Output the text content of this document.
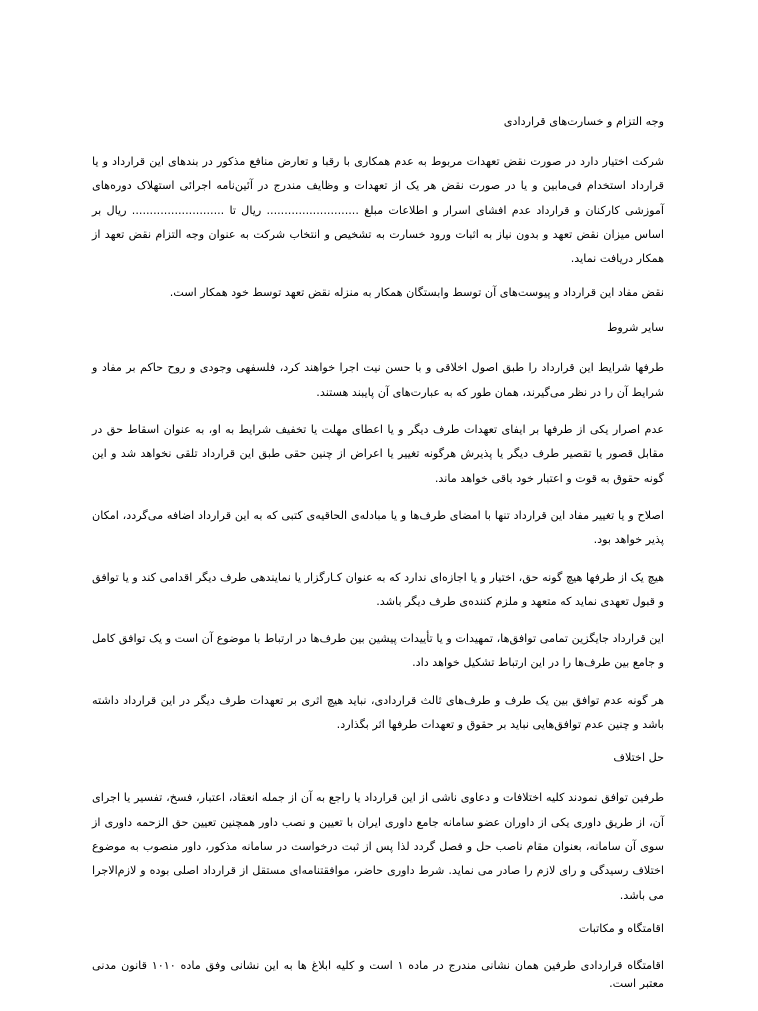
وجه التزام و خسارت‌های قراردادی
شرکت اختیار دارد در صورت نقض تعهدات مربوط به عدم همکاری با رقبا و تعارض منافع مذکور در بندهای این قرارداد و یا قرارداد استخدام فی‌مابین و یا در صورت نقض هر یک از تعهدات و وظایف مندرج در آئین‌نامه اجرائی استهلاک دوره‌های آموزشی کارکنان و قرارداد عدم افشای اسرار و اطلاعات مبلغ .......................... ریال تا .......................... ریال بر اساس میزان نقض تعهد و بدون نیاز به اثبات ورود خسارت به تشخیص و انتخاب شرکت به عنوان وجه التزام نقض تعهد از همکار دریافت نماید.
نقض مفاد این قرارداد و پیوست‌های آن توسط وابستگان همکار به منزله نقض تعهد توسط خود همکار است.
سایر شروط
طرفها شرایط این قرارداد را طبق اصول اخلاقی و با حسن نیت اجرا خواهند کرد، فلسفهی وجودی و روح حاکم بر مفاد و شرایط آن را در نظر می‌گیرند، همان طور که به عبارت‌های آن پایبند هستند.
عدم اصرار یکی از طرفها بر ایفای تعهدات طرف دیگر و یا اعطای مهلت یا تخفیف شرایط به او، به عنوان اسقاط حق در مقابل قصور یا تقصیر طرف دیگر یا پذیرش هرگونه تغییر یا اعراض از چنین حقی طبق این قرارداد تلقی نخواهد شد و این گونه حقوق به قوت و اعتبار خود باقی خواهد ماند.
اصلاح و یا تغییر مفاد این قرارداد تنها با امضای طرف‌ها و یا مبادله‌ی الحاقیه‌ی کتبی که به این قرارداد اضافه می‌گردد، امکان پذیر خواهد بود.
هیچ یک از طرفها هیچ گونه حق، اختیار و یا اجازه‌ای ندارد که به عنوان کـارگزار یا نمایندهی طرف دیگر اقدامی کند و یا توافق و قبول تعهدی نماید که متعهد و ملزم کننده‌ی طرف دیگر باشد.
این قرارداد جایگزین تمامی توافق‌ها، تمهیدات و یا تأییدات پیشین بین طرف‌ها در ارتباط با موضوع آن است و یک توافق کامل و جامع بین طرف‌ها را در این ارتباط تشکیل خواهد داد.
هر گونه عدم توافق بین یک طرف و طرف‌های ثالث قراردادی، نباید هیچ اثری بر تعهدات طرف دیگر در این قرارداد داشته باشد و چنین عدم توافق‌هایی نباید بر حقوق و تعهدات طرفها اثر بگذارد.
حل اختلاف
طرفین توافق نمودند کلیه اختلافات و دعاوی ناشی از این قرارداد یا راجع به آن از جمله انعقاد، اعتبار، فسخ، تفسیر یا اجرای آن، از طریق داوری یکی از داوران عضو سامانه جامع داوری ایران با تعیین و نصب داور همچنین تعیین حق الزحمه داوری از سوی آن سامانه، بعنوان مقام ناصب حل و فصل گردد لذا پس از ثبت درخواست در سامانه مذکور، داور منصوب به موضوع اختلاف رسیدگی و رای لازم را صادر می نماید. شرط داوری حاضر، موافقتنامه‌ای مستقل از قرارداد اصلی بوده و لازم‌الاجرا می باشد.
اقامتگاه و مکاتبات
اقامتگاه قراردادی طرفین همان نشانی مندرج در ماده ۱ است و کلیه ابلاغ ها به این نشانی وفق ماده ۱۰۱۰ قانون مدنی معتبر است.
